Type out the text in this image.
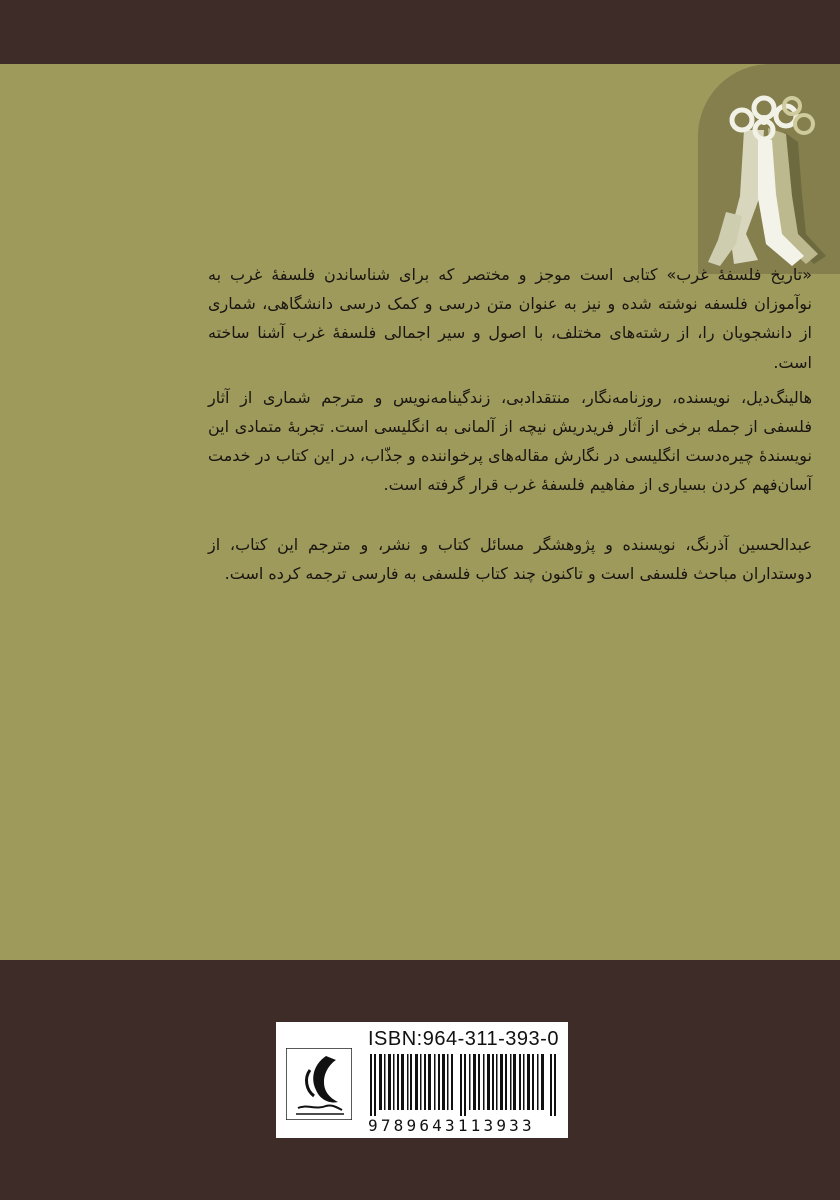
«تاریخ فلسفهٔ غرب» کتابی است موجز و مختصر که برای شناساندن فلسفهٔ غرب به نوآموزان فلسفه نوشته شده و نیز به عنوان متن درسی و کمک درسی دانشگاهی، شماری از دانشجویان را، از رشته‌های مختلف، با اصول و سیر اجمالی فلسفهٔ غرب آشنا ساخته است.

هالینگ‌دیل، نویسنده، روزنامه‌نگار، منتقدادبی، زندگینامه‌نویس و مترجم شماری از آثار فلسفی از جمله برخی از آثار فریدریش نیچه از آلمانی به انگلیسی است. تجربهٔ متمادی این نویسندهٔ چیره‌دست انگلیسی در نگارش مقاله‌های پرخواننده و جذّاب، در این کتاب در خدمت آسان‌فهم کردن بسیاری از مفاهیم فلسفهٔ غرب قرار گرفته است.

عبدالحسین آذرنگ، نویسنده و پژوهشگر مسائل کتاب و نشر، و مترجم این کتاب، از دوستداران مباحث فلسفی است و تاکنون چند کتاب فلسفی به فارسی ترجمه کرده است.

ISBN:964-311-393-0
9789643113933
